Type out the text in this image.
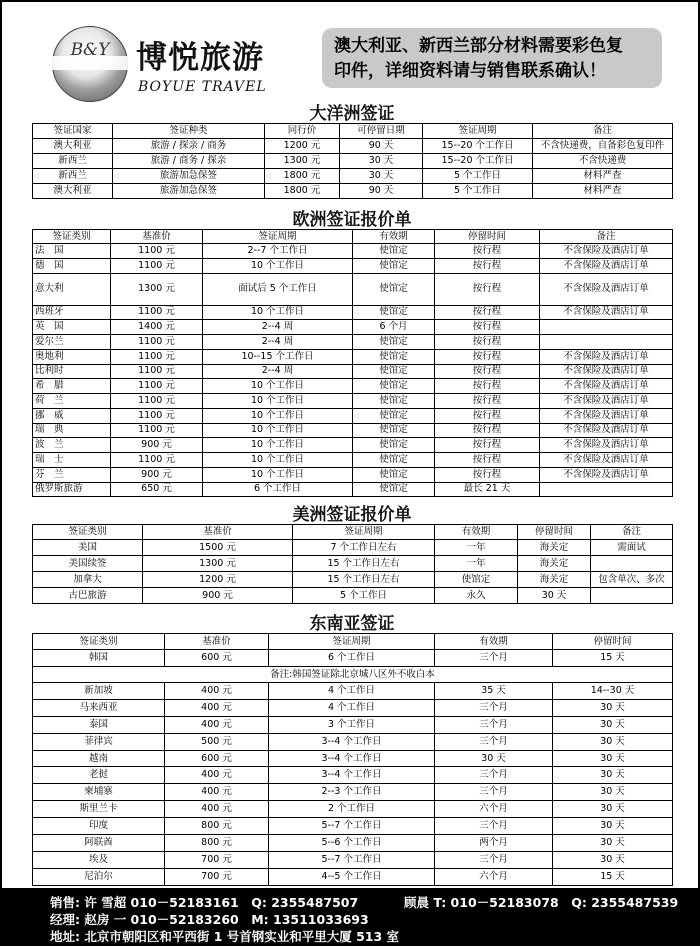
B&Y 博悦旅游
BOYUE TRAVEL
澳大利亚、新西兰部分材料需要彩色复
印件，详细资料请与销售联系确认！
大洋洲签证
签证国家	签证种类	同行价	可停留日期	签证周期	备注
澳大利亚	旅游 / 探亲 / 商务	1200 元	90 天	15--20 个工作日	不含快递费，自备彩色复印件
新西兰	旅游 / 商务 / 探亲	1300 元	30 天	15--20 个工作日	不含快递费
新西兰	旅游加急保签	1800 元	30 天	5 个工作日	材料严查
澳大利亚	旅游加急保签	1800 元	90 天	5 个工作日	材料严查
欧洲签证报价单
签证类别	基准价	签证周期	有效期	停留时间	备注
法　国	1100 元	2--7 个工作日	使馆定	按行程	不含保险及酒店订单
德　国	1100 元	10 个工作日	使馆定	按行程	不含保险及酒店订单
意大利	1300 元	面试后 5 个工作日	使馆定	按行程	不含保险及酒店订单
西班牙	1100 元	10 个工作日	使馆定	按行程	不含保险及酒店订单
英　国	1400 元	2--4 周	6 个月	按行程	
爱尔兰	1100 元	2--4 周	使馆定	按行程	
奥地利	1100 元	10--15 个工作日	使馆定	按行程	不含保险及酒店订单
比利时	1100 元	2--4 周	使馆定	按行程	不含保险及酒店订单
希　腊	1100 元	10 个工作日	使馆定	按行程	不含保险及酒店订单
荷　兰	1100 元	10 个工作日	使馆定	按行程	不含保险及酒店订单
挪　威	1100 元	10 个工作日	使馆定	按行程	不含保险及酒店订单
瑞　典	1100 元	10 个工作日	使馆定	按行程	不含保险及酒店订单
波　兰	900 元	10 个工作日	使馆定	按行程	不含保险及酒店订单
瑞　士	1100 元	10 个工作日	使馆定	按行程	不含保险及酒店订单
芬　兰	900 元	10 个工作日	使馆定	按行程	不含保险及酒店订单
俄罗斯旅游	650 元	6 个工作日	使馆定	最长 21 天	
美洲签证报价单
签证类别	基准价	签证周期	有效期	停留时间	备注
美国	1500 元	7 个工作日左右	一年	海关定	需面试
美国续签	1300 元	15 个工作日左右	一年	海关定	
加拿大	1200 元	15 个工作日左右	使馆定	海关定	包含单次、多次
古巴旅游	900 元	5 个工作日	永久	30 天	
东南亚签证
签证类别	基准价	签证周期	有效期	停留时间
韩国	600 元	6 个工作日	三个月	15 天
备注:韩国签证除北京城八区外不收白本				
新加坡	400 元	4 个工作日	35 天	14--30 天
马来西亚	400 元	4 个工作日	三个月	30 天
泰国	400 元	3 个工作日	三个月	30 天
菲律宾	500 元	3--4 个工作日	三个月	30 天
越南	600 元	3--4 个工作日	30 天	30 天
老挝	400 元	3--4 个工作日	三个月	30 天
柬埔寨	400 元	2--3 个工作日	三个月	30 天
斯里兰卡	400 元	2 个工作日	六个月	30 天
印度	800 元	5--7 个工作日	三个月	30 天
阿联酋	800 元	5--6 个工作日	两个月	30 天
埃及	700 元	5--7 个工作日	三个月	30 天
尼泊尔	700 元	4--5 个工作日	六个月	15 天
销售: 许 雪超 010－52183161　Q: 2355487507	顾晨 T: 010－52183078　Q: 2355487539
经理: 赵房 一 010－52183260　M: 13511033693
地址: 北京市朝阳区和平西街 1 号首钢实业和平里大厦 513 室
